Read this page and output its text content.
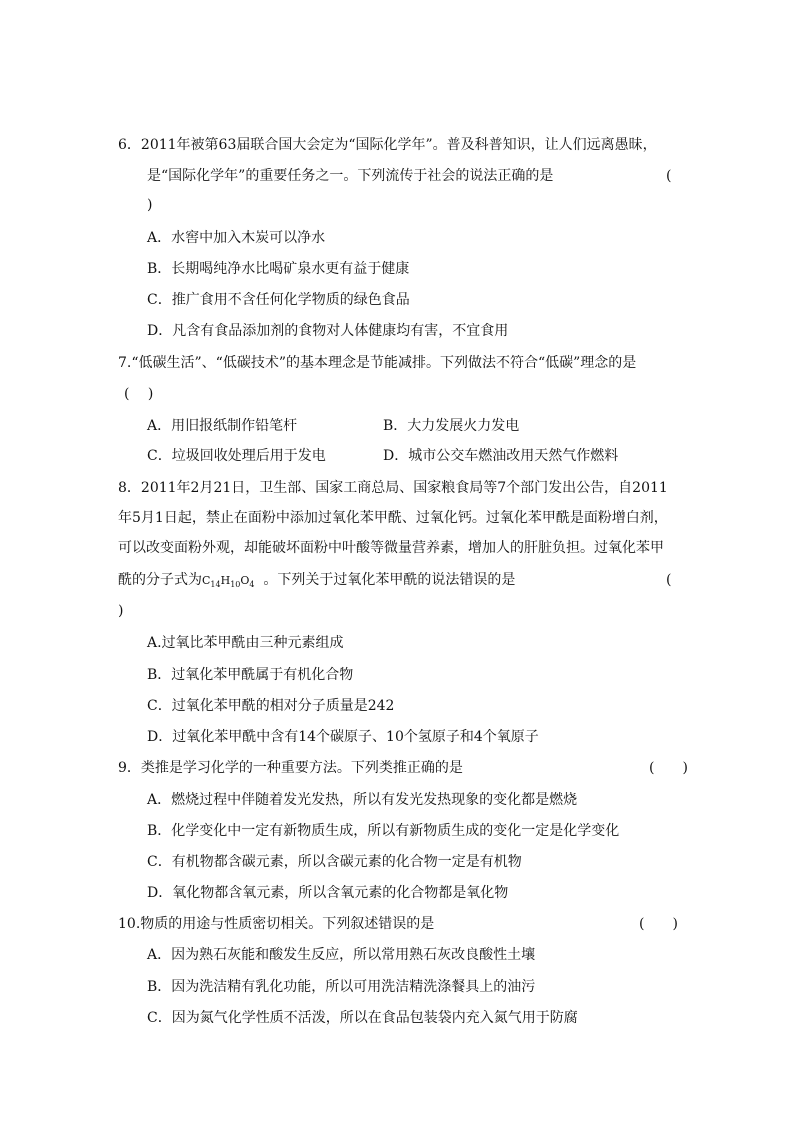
6．2011年被第63届联合国大会定为“国际化学年”。普及科普知识，让人们远离愚昧，
是“国际化学年”的重要任务之一。下列流传于社会的说法正确的是	(
)
A．水窖中加入木炭可以净水
B．长期喝纯净水比喝矿泉水更有益于健康
C．推广食用不含任何化学物质的绿色食品
D．凡含有食品添加剂的食物对人体健康均有害，不宜食用
7.“低碳生活”、“低碳技术”的基本理念是节能减排。下列做法不符合“低碳”理念的是
(　 )
A．用旧报纸制作铅笔杆	B．大力发展火力发电
C．垃圾回收处理后用于发电	D．城市公交车燃油改用天然气作燃料
8．2011年2月21日，卫生部、国家工商总局、国家粮食局等7个部门发出公告，自2011
年5月1日起，禁止在面粉中添加过氧化苯甲酰、过氧化钙。过氧化苯甲酰是面粉增白剂，
可以改变面粉外观，却能破坏面粉中叶酸等微量营养素，增加人的肝脏负担。过氧化苯甲
酰的分子式为$C_{14}H_{10}O_4$ 。下列关于过氧化苯甲酰的说法错误的是	(
)
A.过氧比苯甲酰由三种元素组成
B．过氧化苯甲酰属于有机化合物
C．过氧化苯甲酰的相对分子质量是242
D．过氧化苯甲酰中含有14个碳原子、10个氢原子和4个氧原子
9．类推是学习化学的一种重要方法。下列类推正确的是	(　　)
A．燃烧过程中伴随着发光发热，所以有发光发热现象的变化都是燃烧
B．化学变化中一定有新物质生成，所以有新物质生成的变化一定是化学变化
C．有机物都含碳元素，所以含碳元素的化合物一定是有机物
D．氧化物都含氧元素，所以含氧元素的化合物都是氧化物
10.物质的用途与性质密切相关。下列叙述错误的是	(　　)
A．因为熟石灰能和酸发生反应，所以常用熟石灰改良酸性土壤
B．因为洗洁精有乳化功能，所以可用洗洁精洗涤餐具上的油污
C．因为氮气化学性质不活泼，所以在食品包装袋内充入氮气用于防腐
